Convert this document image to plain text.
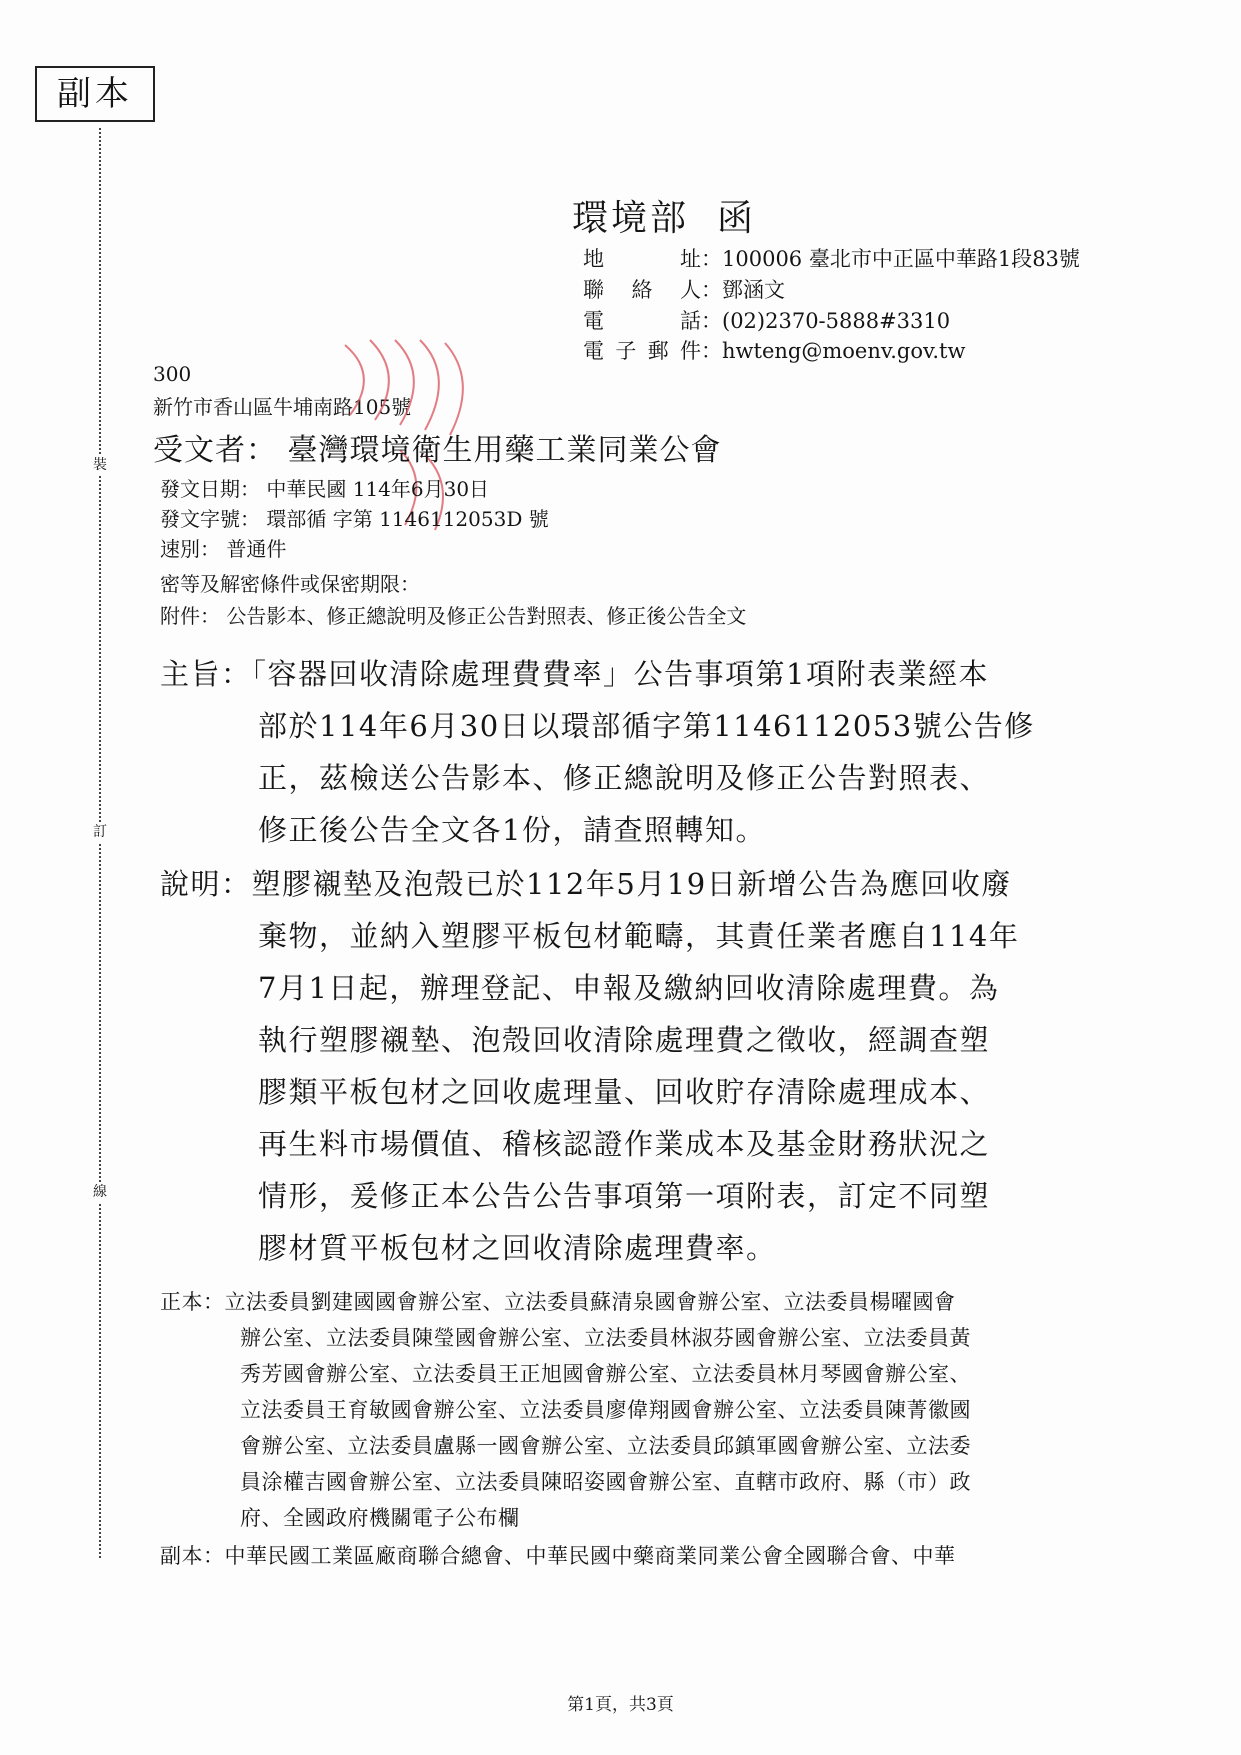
副本
裝
訂
線
環境部 函
地址：100006 臺北市中正區中華路1段83號
聯絡人：鄧涵文
電話：(02)2370-5888#3310
電子郵件：hwteng@moenv.gov.tw
300
新竹市香山區牛埔南路105號
受文者： 臺灣環境衛生用藥工業同業公會
發文日期： 中華民國 114年6月30日
發文字號： 環部循 字第 1146112053D 號
速別： 普通件
密等及解密條件或保密期限：
附件： 公告影本、修正總說明及修正公告對照表、修正後公告全文
主旨：「容器回收清除處理費費率」公告事項第1項附表業經本
部於114年6月30日以環部循字第1146112053號公告修
正，茲檢送公告影本、修正總說明及修正公告對照表、
修正後公告全文各1份，請查照轉知。
說明：塑膠襯墊及泡殼已於112年5月19日新增公告為應回收廢
棄物，並納入塑膠平板包材範疇，其責任業者應自114年
7月1日起，辦理登記、申報及繳納回收清除處理費。為
執行塑膠襯墊、泡殼回收清除處理費之徵收，經調查塑
膠類平板包材之回收處理量、回收貯存清除處理成本、
再生料市場價值、稽核認證作業成本及基金財務狀況之
情形，爰修正本公告公告事項第一項附表，訂定不同塑
膠材質平板包材之回收清除處理費率。
正本：立法委員劉建國國會辦公室、立法委員蘇清泉國會辦公室、立法委員楊曜國會
辦公室、立法委員陳瑩國會辦公室、立法委員林淑芬國會辦公室、立法委員黃
秀芳國會辦公室、立法委員王正旭國會辦公室、立法委員林月琴國會辦公室、
立法委員王育敏國會辦公室、立法委員廖偉翔國會辦公室、立法委員陳菁徽國
會辦公室、立法委員盧縣一國會辦公室、立法委員邱鎮軍國會辦公室、立法委
員涂權吉國會辦公室、立法委員陳昭姿國會辦公室、直轄市政府、縣（市）政
府、全國政府機關電子公布欄
副本：中華民國工業區廠商聯合總會、中華民國中藥商業同業公會全國聯合會、中華
第1頁，共3頁
